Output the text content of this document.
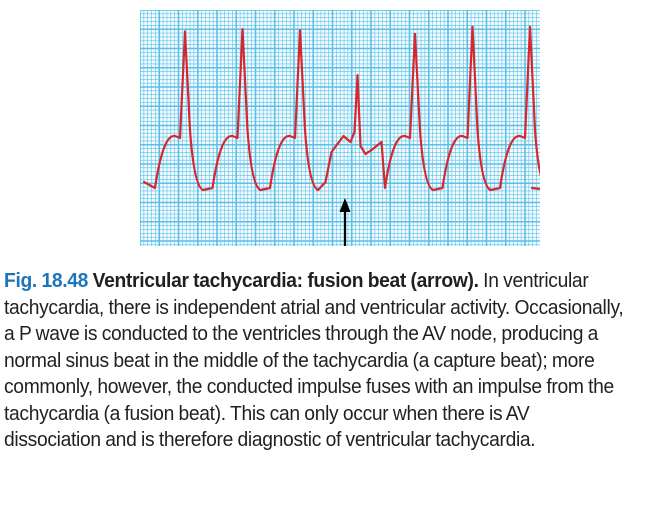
Fig. 18.48 Ventricular tachycardia: fusion beat (arrow). In ventricular tachycardia, there is independent atrial and ventricular activity. Occasionally, a P wave is conducted to the ventricles through the AV node, producing a normal sinus beat in the middle of the tachycardia (a capture beat); more commonly, however, the conducted impulse fuses with an impulse from the tachycardia (a fusion beat). This can only occur when there is AV dissociation and is therefore diagnostic of ventricular tachycardia.
